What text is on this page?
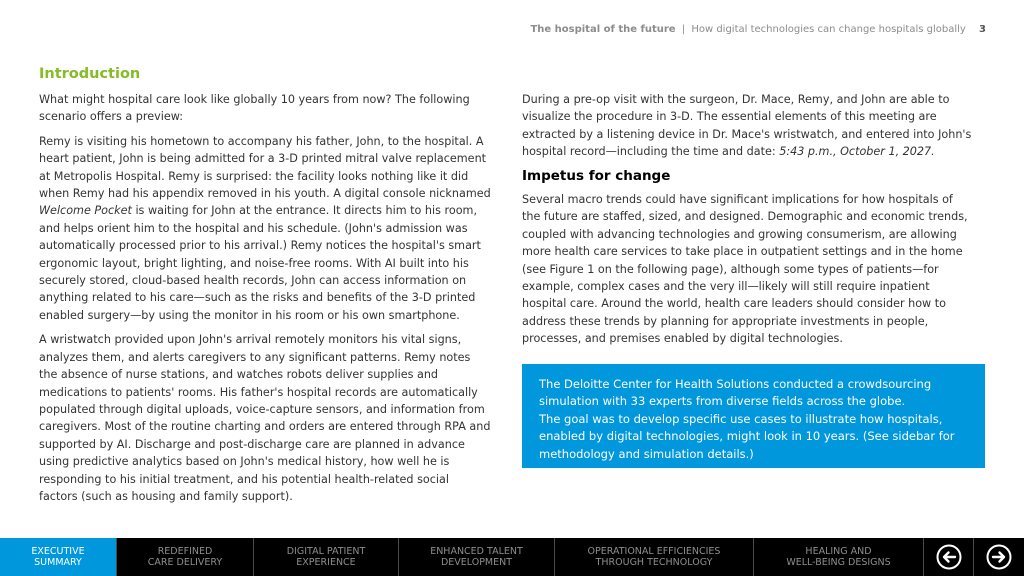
The hospital of the future | How digital technologies can change hospitals globally 3
Introduction

What might hospital care look like globally 10 years from now? The following scenario offers a preview:

Remy is visiting his hometown to accompany his father, John, to the hospital. A heart patient, John is being admitted for a 3-D printed mitral valve replacement at Metropolis Hospital. Remy is surprised: the facility looks nothing like it did when Remy had his appendix removed in his youth. A digital console nicknamed Welcome Pocket is waiting for John at the entrance. It directs him to his room, and helps orient him to the hospital and his schedule. (John's admission was automatically processed prior to his arrival.) Remy notices the hospital's smart ergonomic layout, bright lighting, and noise-free rooms. With AI built into his securely stored, cloud-based health records, John can access information on anything related to his care—such as the risks and benefits of the 3-D printed enabled surgery—by using the monitor in his room or his own smartphone.

A wristwatch provided upon John's arrival remotely monitors his vital signs, analyzes them, and alerts caregivers to any significant patterns. Remy notes the absence of nurse stations, and watches robots deliver supplies and medications to patients' rooms. His father's hospital records are automatically populated through digital uploads, voice-capture sensors, and information from caregivers. Most of the routine charting and orders are entered through RPA and supported by AI. Discharge and post-discharge care are planned in advance using predictive analytics based on John's medical history, how well he is responding to his initial treatment, and his potential health-related social factors (such as housing and family support).

During a pre-op visit with the surgeon, Dr. Mace, Remy, and John are able to visualize the procedure in 3-D. The essential elements of this meeting are extracted by a listening device in Dr. Mace's wristwatch, and entered into John's hospital record—including the time and date: 5:43 p.m., October 1, 2027.

Impetus for change

Several macro trends could have significant implications for how hospitals of the future are staffed, sized, and designed. Demographic and economic trends, coupled with advancing technologies and growing consumerism, are allowing more health care services to take place in outpatient settings and in the home (see Figure 1 on the following page), although some types of patients—for example, complex cases and the very ill—likely will still require inpatient hospital care. Around the world, health care leaders should consider how to address these trends by planning for appropriate investments in people, processes, and premises enabled by digital technologies.

The Deloitte Center for Health Solutions conducted a crowdsourcing simulation with 33 experts from diverse fields across the globe.

The goal was to develop specific use cases to illustrate how hospitals, enabled by digital technologies, might look in 10 years. (See sidebar for methodology and simulation details.)

EXECUTIVE
SUMMARY
REDEFINED
CARE DELIVERY
DIGITAL PATIENT
EXPERIENCE
ENHANCED TALENT
DEVELOPMENT
OPERATIONAL EFFICIENCIES
THROUGH TECHNOLOGY
HEALING AND
WELL-BEING DESIGNS
